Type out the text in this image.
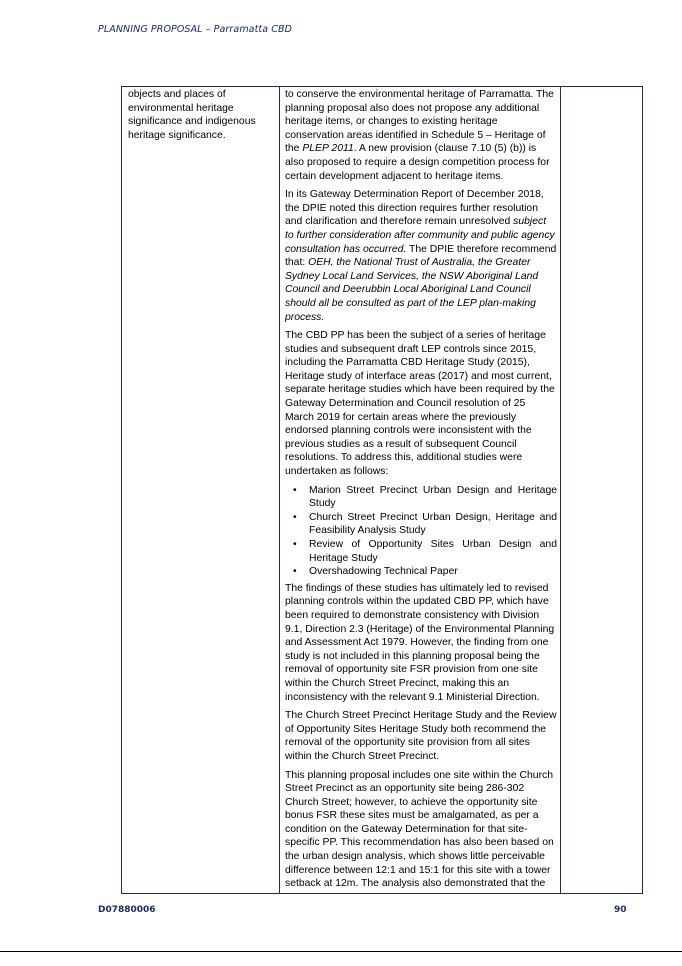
PLANNING PROPOSAL – Parramatta CBD
objects and places of environmental heritage significance and indigenous heritage significance.

to conserve the environmental heritage of Parramatta. The planning proposal also does not propose any additional heritage items, or changes to existing heritage conservation areas identified in Schedule 5 – Heritage of the PLEP 2011. A new provision (clause 7.10 (5) (b)) is also proposed to require a design competition process for certain development adjacent to heritage items.

In its Gateway Determination Report of December 2018, the DPIE noted this direction requires further resolution and clarification and therefore remain unresolved subject to further consideration after community and public agency consultation has occurred. The DPIE therefore recommend that: OEH, the National Trust of Australia, the Greater Sydney Local Land Services, the NSW Aboriginal Land Council and Deerubbin Local Aboriginal Land Council should all be consulted as part of the LEP plan-making process.

The CBD PP has been the subject of a series of heritage studies and subsequent draft LEP controls since 2015, including the Parramatta CBD Heritage Study (2015), Heritage study of interface areas (2017) and most current, separate heritage studies which have been required by the Gateway Determination and Council resolution of 25 March 2019 for certain areas where the previously endorsed planning controls were inconsistent with the previous studies as a result of subsequent Council resolutions. To address this, additional studies were undertaken as follows:

• Marion Street Precinct Urban Design and Heritage Study
• Church Street Precinct Urban Design, Heritage and Feasibility Analysis Study
• Review of Opportunity Sites Urban Design and Heritage Study
• Overshadowing Technical Paper

The findings of these studies has ultimately led to revised planning controls within the updated CBD PP, which have been required to demonstrate consistency with Division 9.1, Direction 2.3 (Heritage) of the Environmental Planning and Assessment Act 1979. However, the finding from one study is not included in this planning proposal being the removal of opportunity site FSR provision from one site within the Church Street Precinct, making this an inconsistency with the relevant 9.1 Ministerial Direction.

The Church Street Precinct Heritage Study and the Review of Opportunity Sites Heritage Study both recommend the removal of the opportunity site provision from all sites within the Church Street Precinct.

This planning proposal includes one site within the Church Street Precinct as an opportunity site being 286-302 Church Street; however, to achieve the opportunity site bonus FSR these sites must be amalgamated, as per a condition on the Gateway Determination for that site-specific PP. This recommendation has also been based on the urban design analysis, which shows little perceivable difference between 12:1 and 15:1 for this site with a tower setback at 12m. The analysis also demonstrated that the

D07880006	90
